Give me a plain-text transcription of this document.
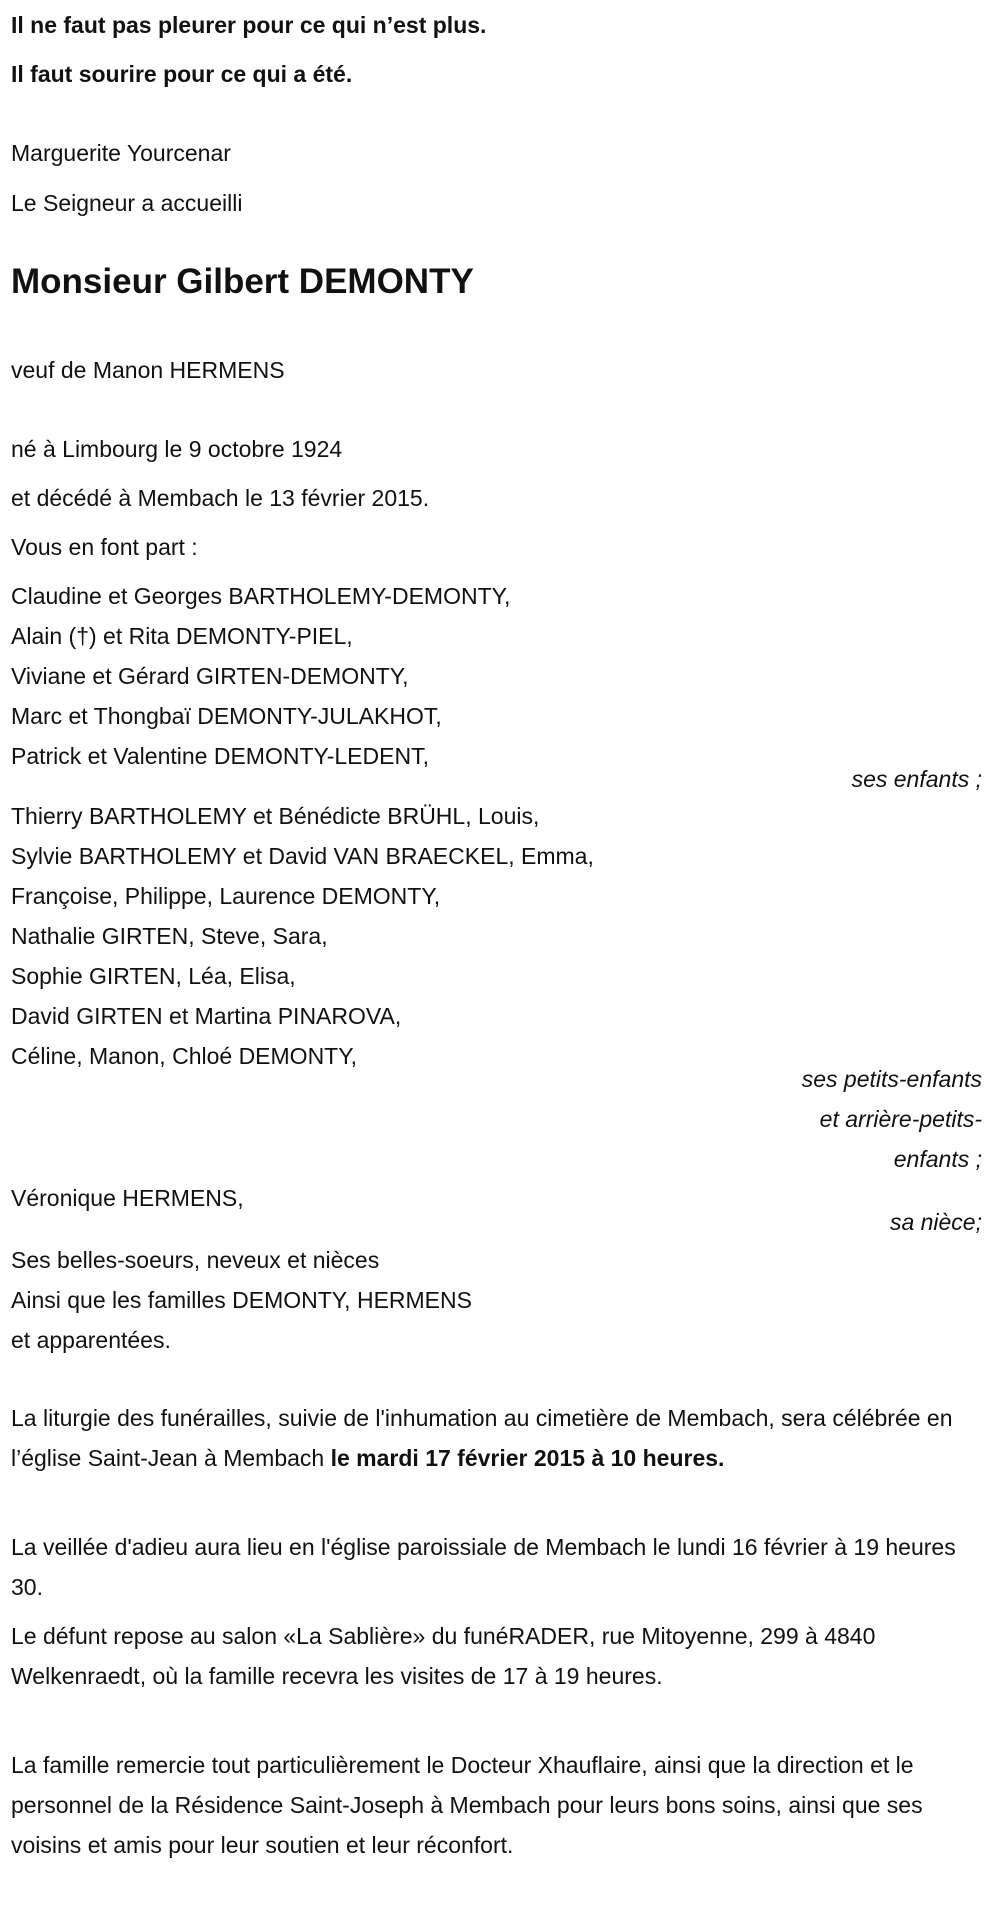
Il ne faut pas pleurer pour ce qui n’est plus.
Il faut sourire pour ce qui a été.
Marguerite Yourcenar
Le Seigneur a accueilli
Monsieur Gilbert DEMONTY
veuf de Manon HERMENS
né à Limbourg le 9 octobre 1924
et décédé à Membach le 13 février 2015.
Vous en font part :
Claudine et Georges BARTHOLEMY-DEMONTY,
Alain (†) et Rita DEMONTY-PIEL,
Viviane et Gérard GIRTEN-DEMONTY,
Marc et Thongbaï DEMONTY-JULAKHOT,
Patrick et Valentine DEMONTY-LEDENT,
ses enfants ;
Thierry BARTHOLEMY et Bénédicte BRÜHL, Louis,
Sylvie BARTHOLEMY et David VAN BRAECKEL, Emma,
Françoise, Philippe, Laurence DEMONTY,
Nathalie GIRTEN, Steve, Sara,
Sophie GIRTEN, Léa, Elisa,
David GIRTEN et Martina PINAROVA,
Céline, Manon, Chloé DEMONTY,
ses petits-enfants
et arrière-petits-
enfants ;
Véronique HERMENS,
sa nièce;
Ses belles-soeurs, neveux et nièces
Ainsi que les familles DEMONTY, HERMENS
et apparentées.
La liturgie des funérailles, suivie de l'inhumation au cimetière de Membach, sera célébrée en l’église Saint-Jean à Membach le mardi 17 février 2015 à 10 heures.
La veillée d'adieu aura lieu en l'église paroissiale de Membach le lundi 16 février à 19 heures 30.
Le défunt repose au salon «La Sablière» du funéRADER, rue Mitoyenne, 299 à 4840 Welkenraedt, où la famille recevra les visites de 17 à 19 heures.
La famille remercie tout particulièrement le Docteur Xhauflaire, ainsi que la direction et le personnel de la Résidence Saint-Joseph à Membach pour leurs bons soins, ainsi que ses voisins et amis pour leur soutien et leur réconfort.
